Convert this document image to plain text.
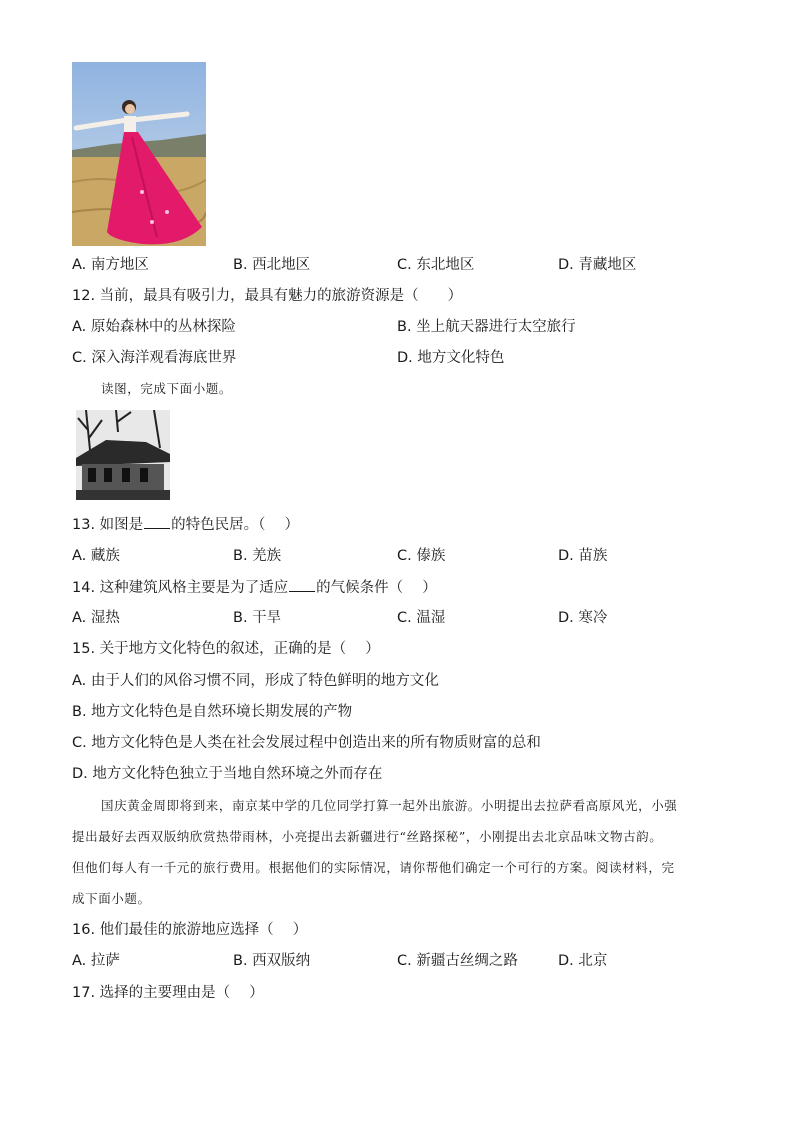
A. 南方地区	B. 西北地区	C. 东北地区	D. 青藏地区
12. 当前，最具有吸引力，最具有魅力的旅游资源是（　　）
A. 原始森林中的丛林探险	B. 坐上航天器进行太空旅行
C. 深入海洋观看海底世界	D. 地方文化特色
读图，完成下面小题。
13. 如图是 的特色民居。（　 ）
A. 藏族	B. 羌族	C. 傣族	D. 苗族
14. 这种建筑风格主要是为了适应 的气候条件（　 ）
A. 湿热	B. 干旱	C. 温湿	D. 寒冷
15. 关于地方文化特色的叙述，正确的是（　 ）
A. 由于人们的风俗习惯不同，形成了特色鲜明的地方文化
B. 地方文化特色是自然环境长期发展的产物
C. 地方文化特色是人类在社会发展过程中创造出来的所有物质财富的总和
D. 地方文化特色独立于当地自然环境之外而存在
国庆黄金周即将到来，南京某中学的几位同学打算一起外出旅游。小明提出去拉萨看高原风光，小强
提出最好去西双版纳欣赏热带雨林，小亮提出去新疆进行“丝路探秘”，小刚提出去北京品味文物古韵。
但他们每人有一千元的旅行费用。根据他们的实际情况，请你帮他们确定一个可行的方案。阅读材料，完
成下面小题。
16. 他们最佳的旅游地应选择（　 ）
A. 拉萨	B. 西双版纳	C. 新疆古丝绸之路	D. 北京
17. 选择的主要理由是（　 ）
